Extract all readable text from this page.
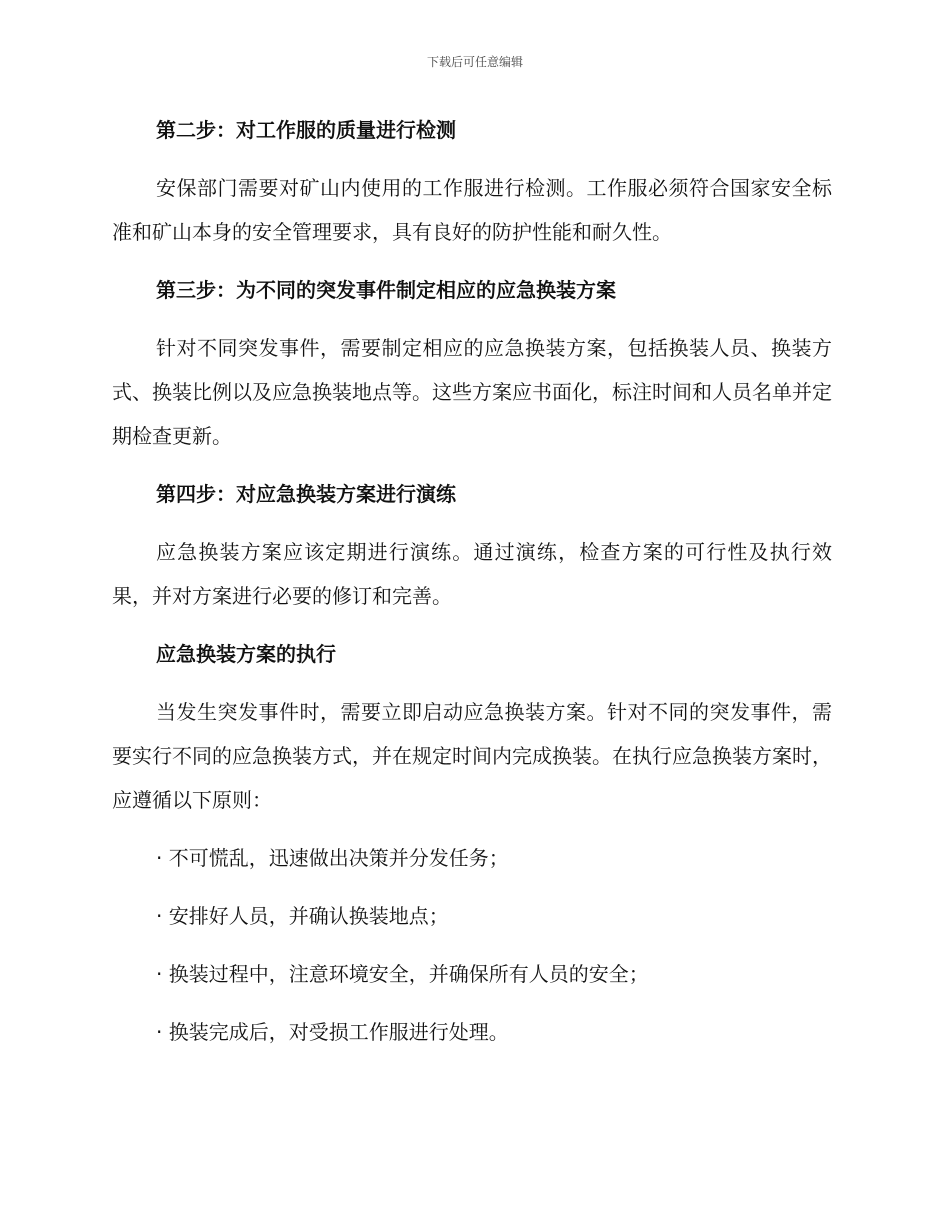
下载后可任意编辑
第二步：对工作服的质量进行检测
安保部门需要对矿山内使用的工作服进行检测。工作服必须符合国家安全标准和矿山本身的安全管理要求，具有良好的防护性能和耐久性。
第三步：为不同的突发事件制定相应的应急换装方案
针对不同突发事件，需要制定相应的应急换装方案，包括换装人员、换装方式、换装比例以及应急换装地点等。这些方案应书面化，标注时间和人员名单并定期检查更新。
第四步：对应急换装方案进行演练
应急换装方案应该定期进行演练。通过演练，检查方案的可行性及执行效果，并对方案进行必要的修订和完善。
应急换装方案的执行
当发生突发事件时，需要立即启动应急换装方案。针对不同的突发事件，需要实行不同的应急换装方式，并在规定时间内完成换装。在执行应急换装方案时，应遵循以下原则：
· 不可慌乱，迅速做出决策并分发任务；
· 安排好人员，并确认换装地点；
· 换装过程中，注意环境安全，并确保所有人员的安全；
· 换装完成后，对受损工作服进行处理。
